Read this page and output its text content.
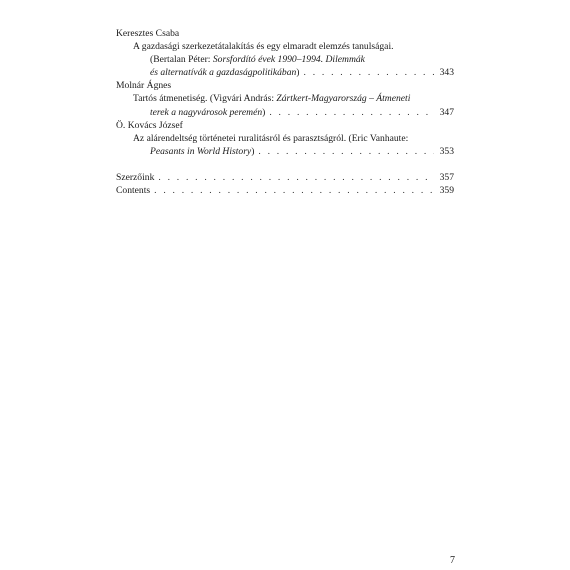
Keresztes Csaba
A gazdasági szerkezetátalakítás és egy elmaradt elemzés tanulságai.
(Bertalan Péter: Sorsfordító évek 1990–1994. Dilemmák
és alternatívák a gazdaságpolitikában) . . .	343
Molnár Ágnes
Tartós átmenetiség. (Vigvári András: Zártkert-Magyarország – Átmeneti
terek a nagyvárosok peremén) . . .	347
Ö. Kovács József
Az alárendeltség történetei ruralitásról és parasztságról. (Eric Vanhaute:
Peasants in World History) . . .	353
Szerzőink . . .	357
Contents . . .	359
7
